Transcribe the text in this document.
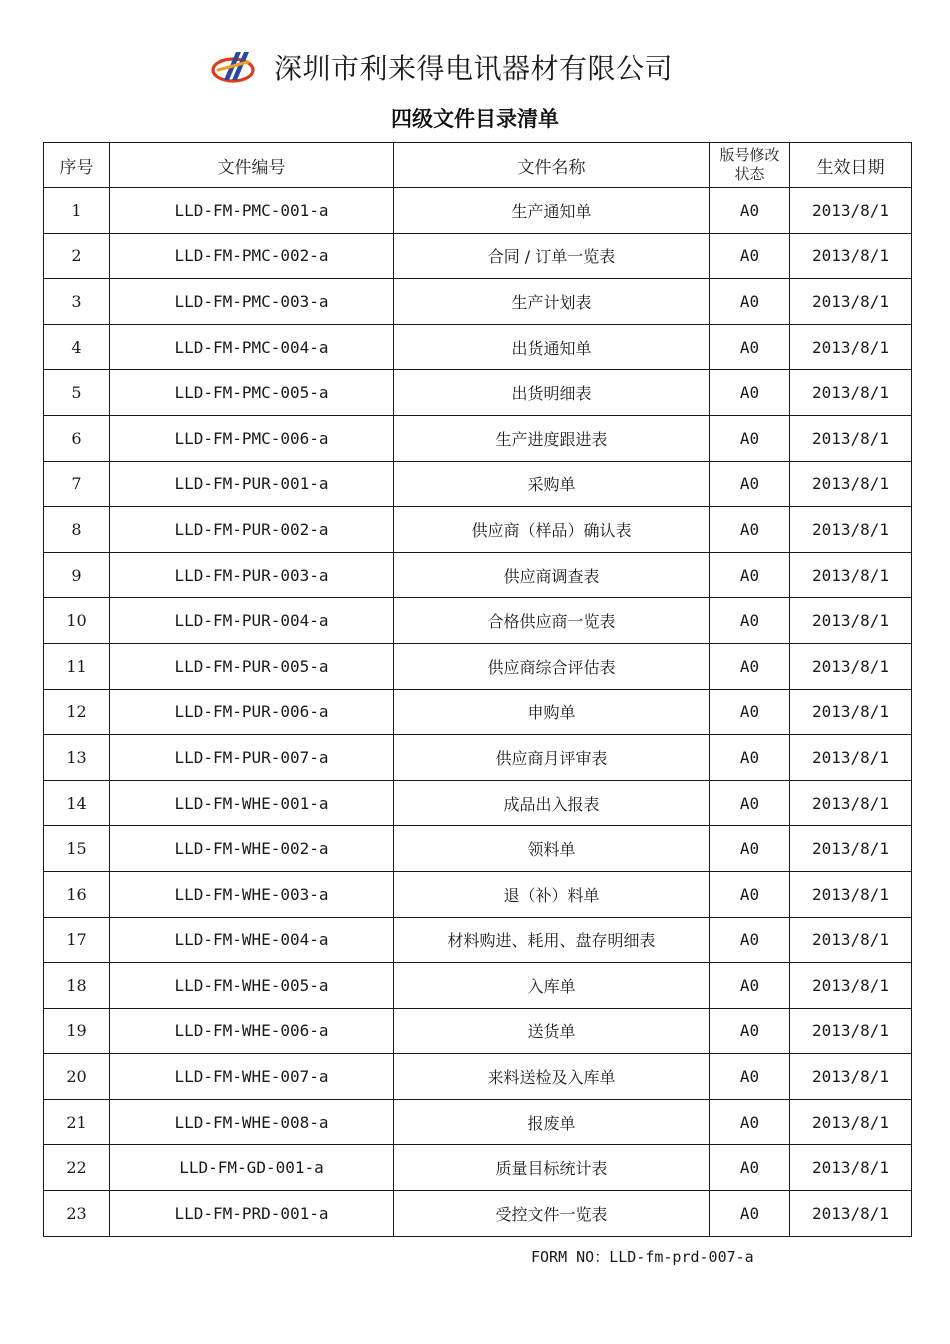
深圳市利来得电讯器材有限公司
四级文件目录清单
序号	文件编号	文件名称	版号修改状态	生效日期
1	LLD-FM-PMC-001-a	生产通知单	A0	2013/8/1
2	LLD-FM-PMC-002-a	合同 / 订单一览表	A0	2013/8/1
3	LLD-FM-PMC-003-a	生产计划表	A0	2013/8/1
4	LLD-FM-PMC-004-a	出货通知单	A0	2013/8/1
5	LLD-FM-PMC-005-a	出货明细表	A0	2013/8/1
6	LLD-FM-PMC-006-a	生产进度跟进表	A0	2013/8/1
7	LLD-FM-PUR-001-a	采购单	A0	2013/8/1
8	LLD-FM-PUR-002-a	供应商（样品）确认表	A0	2013/8/1
9	LLD-FM-PUR-003-a	供应商调查表	A0	2013/8/1
10	LLD-FM-PUR-004-a	合格供应商一览表	A0	2013/8/1
11	LLD-FM-PUR-005-a	供应商综合评估表	A0	2013/8/1
12	LLD-FM-PUR-006-a	申购单	A0	2013/8/1
13	LLD-FM-PUR-007-a	供应商月评审表	A0	2013/8/1
14	LLD-FM-WHE-001-a	成品出入报表	A0	2013/8/1
15	LLD-FM-WHE-002-a	领料单	A0	2013/8/1
16	LLD-FM-WHE-003-a	退（补）料单	A0	2013/8/1
17	LLD-FM-WHE-004-a	材料购进、耗用、盘存明细表	A0	2013/8/1
18	LLD-FM-WHE-005-a	入库单	A0	2013/8/1
19	LLD-FM-WHE-006-a	送货单	A0	2013/8/1
20	LLD-FM-WHE-007-a	来料送检及入库单	A0	2013/8/1
21	LLD-FM-WHE-008-a	报废单	A0	2013/8/1
22	LLD-FM-GD-001-a	质量目标统计表	A0	2013/8/1
23	LLD-FM-PRD-001-a	受控文件一览表	A0	2013/8/1
FORM NO：LLD-fm-prd-007-a
